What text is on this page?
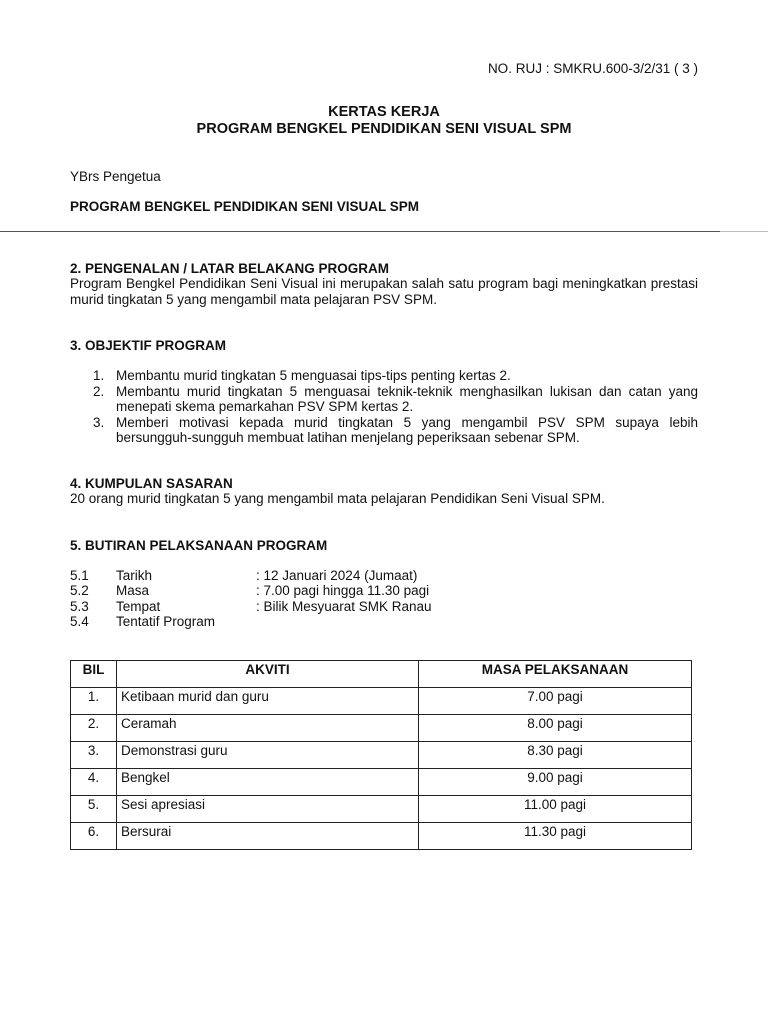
NO. RUJ : SMKRU.600-3/2/31 ( 3 )
KERTAS KERJA
PROGRAM BENGKEL PENDIDIKAN SENI VISUAL SPM
YBrs Pengetua
PROGRAM BENGKEL PENDIDIKAN SENI VISUAL SPM
2. PENGENALAN / LATAR BELAKANG PROGRAM
Program Bengkel Pendidikan Seni Visual ini merupakan salah satu program bagi meningkatkan prestasi murid tingkatan 5 yang mengambil mata pelajaran PSV SPM.
3. OBJEKTIF PROGRAM
1. Membantu murid tingkatan 5 menguasai tips-tips penting kertas 2.
2. Membantu murid tingkatan 5 menguasai teknik-teknik menghasilkan lukisan dan catan yang menepati skema pemarkahan PSV SPM kertas 2.
3. Memberi motivasi kepada murid tingkatan 5 yang mengambil PSV SPM supaya lebih bersungguh-sungguh membuat latihan menjelang peperiksaan sebenar SPM.
4. KUMPULAN SASARAN
20 orang murid tingkatan 5 yang mengambil mata pelajaran Pendidikan Seni Visual SPM.
5. BUTIRAN PELAKSANAAN PROGRAM
5.1 Tarikh	: 12 Januari 2024 (Jumaat)
5.2 Masa	: 7.00 pagi hingga 11.30 pagi
5.3 Tempat	: Bilik Mesyuarat SMK Ranau
5.4 Tentatif Program
BIL	AKVITI	MASA PELAKSANAAN
1.	Ketibaan murid dan guru	7.00 pagi
2.	Ceramah	8.00 pagi
3.	Demonstrasi guru	8.30 pagi
4.	Bengkel	9.00 pagi
5.	Sesi apresiasi	11.00 pagi
6.	Bersurai	11.30 pagi
